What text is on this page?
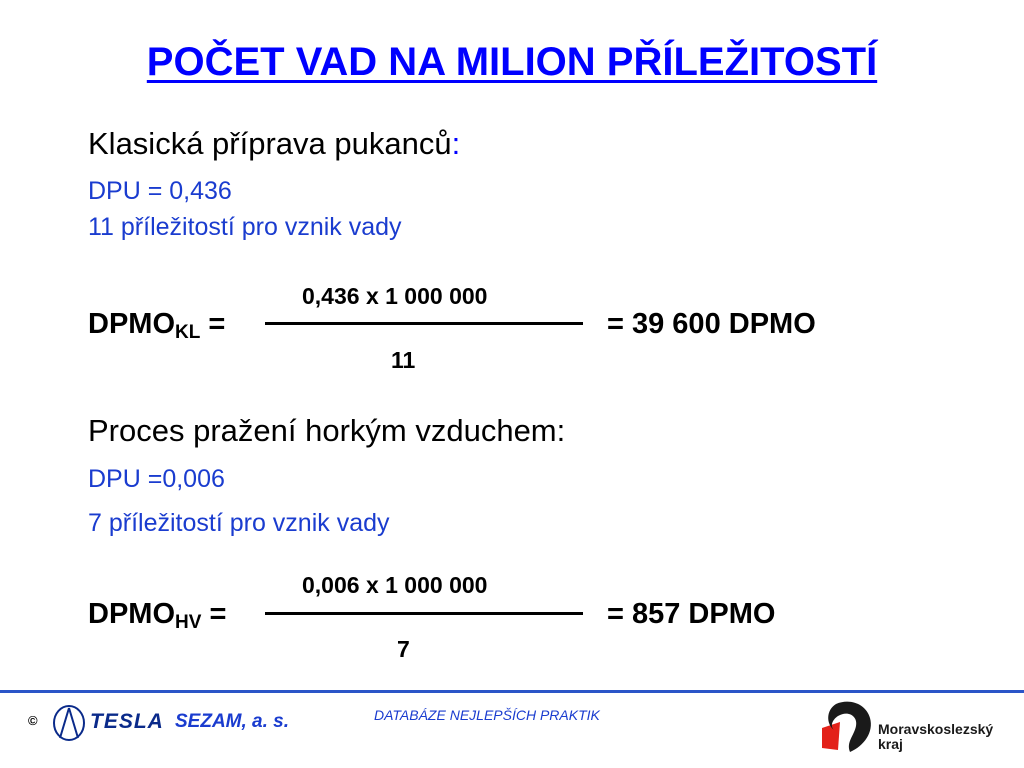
POČET VAD NA MILION PŘÍLEŽITOSTÍ
Klasická příprava pukanců:
DPU = 0,436
11 příležitostí pro vznik vady
$DPMO_{KL}$ =
0,436 x 1 000 000
11
= 39 600 DPMO
Proces pražení horkým vzduchem:
DPU =0,006
7 příležitostí pro vznik vady
$DPMO_{HV}$ =
0,006 x 1 000 000
7
= 857 DPMO
© TESLA SEZAM, a. s.	DATABÁZE NEJLEPŠÍCH PRAKTIK
Moravskoslezský
kraj
